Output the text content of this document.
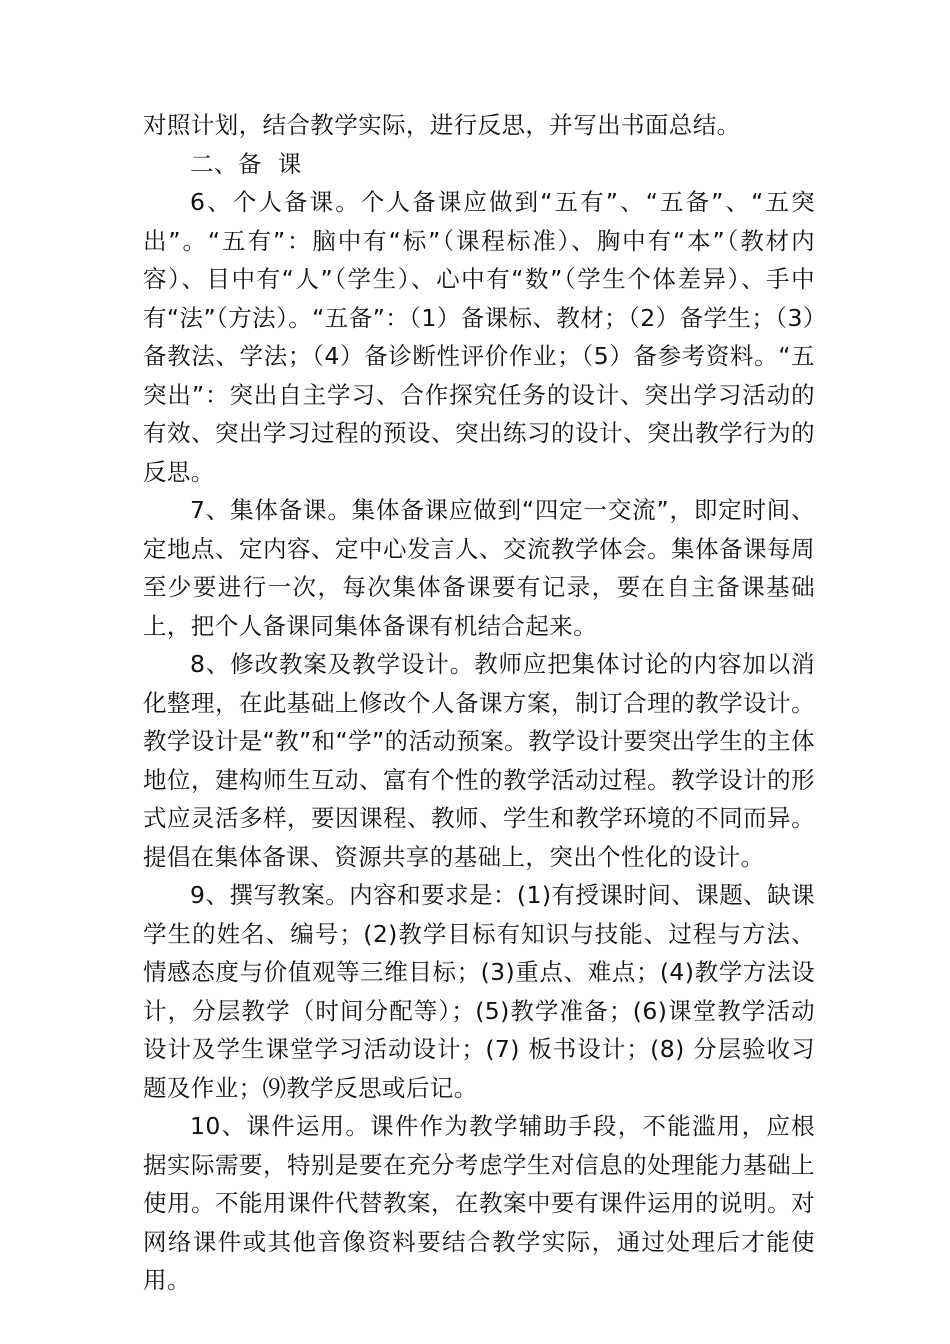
对照计划，结合教学实际，进行反思，并写出书面总结。

二、备 课

6、个人备课。个人备课应做到“五有”、“五备”、“五突出”。“五有”：脑中有“标”（课程标准）、胸中有“本”（教材内容）、目中有“人”（学生）、心中有“数”（学生个体差异）、手中有“法”（方法）。“五备”：（1）备课标、教材；（2）备学生；（3）备教法、学法；（4）备诊断性评价作业；（5）备参考资料。“五突出”：突出自主学习、合作探究任务的设计、突出学习活动的有效、突出学习过程的预设、突出练习的设计、突出教学行为的反思。

7、集体备课。集体备课应做到“四定一交流”，即定时间、定地点、定内容、定中心发言人、交流教学体会。集体备课每周至少要进行一次，每次集体备课要有记录，要在自主备课基础上，把个人备课同集体备课有机结合起来。

8、修改教案及教学设计。教师应把集体讨论的内容加以消化整理，在此基础上修改个人备课方案，制订合理的教学设计。教学设计是“教”和“学”的活动预案。教学设计要突出学生的主体地位，建构师生互动、富有个性的教学活动过程。教学设计的形式应灵活多样，要因课程、教师、学生和教学环境的不同而异。提倡在集体备课、资源共享的基础上，突出个性化的设计。

9、撰写教案。内容和要求是：(1)有授课时间、课题、缺课学生的姓名、编号；(2)教学目标有知识与技能、过程与方法、情感态度与价值观等三维目标；(3)重点、难点；(4)教学方法设计，分层教学（时间分配等）；(5)教学准备；(6)课堂教学活动设计及学生课堂学习活动设计；(7) 板书设计；(8) 分层验收习题及作业；⑼教学反思或后记。

10、课件运用。课件作为教学辅助手段，不能滥用，应根据实际需要，特别是要在充分考虑学生对信息的处理能力基础上使用。不能用课件代替教案，在教案中要有课件运用的说明。对网络课件或其他音像资料要结合教学实际，通过处理后才能使用。
